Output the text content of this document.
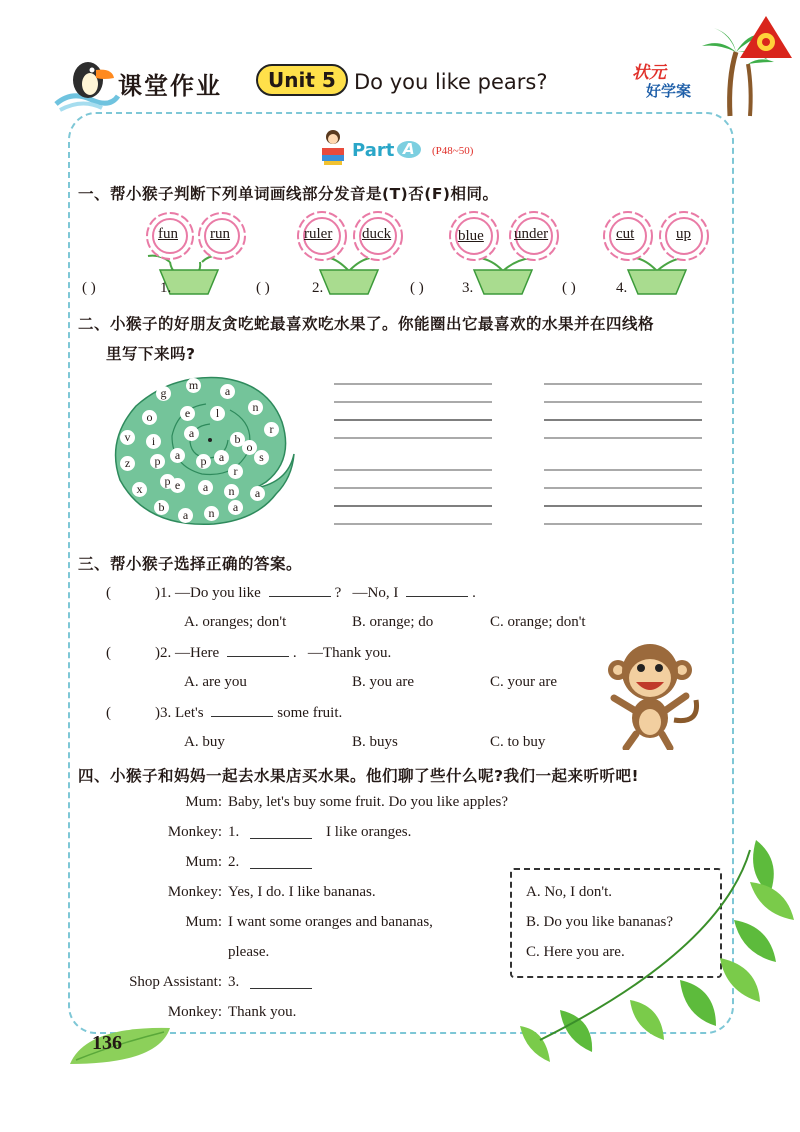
课堂作业	Unit 5 Do you like pears?	状元
好学案
Part A (P48~50)
一、帮小猴子判断下列单词画线部分发音是(T)否(F)相同。
fun run
( )	1.
ruler duck
( )	2.
blue under
( )	3.
cut	up
( )	4.
二、小猴子的好朋友贪吃蛇最喜欢吃水果了。你能圈出它最喜欢的水果并在四线格
里写下来吗?
m	a
g
n
o	e	l
r
v	i
a	b
p	a
z	p	a
p
r
s
x	e	a	n	a
b
a	n	a
o
三、帮小猴子选择正确的答案。
(	)1. —Do you like	? —No, I	.
A. oranges; don't	B. orange; do	C. orange; don't
(	)2. —Here	. —Thank you.
A. are you	B. you are	C. your are
(	)3. Let's	some fruit.
A. buy	B. buys	C. to buy
四、小猴子和妈妈一起去水果店买水果。他们聊了些什么呢?我们一起来听听吧!
Mum: Baby, let's buy some fruit. Do you like apples?
Monkey: 1.	I like oranges.
Mum: 2.
Monkey: Yes, I do. I like bananas.
Mum: I want some oranges and bananas,
please.
Shop Assistant: 3.
Monkey: Thank you.
A. No, I don't.
B. Do you like bananas?
C. Here you are.
136
